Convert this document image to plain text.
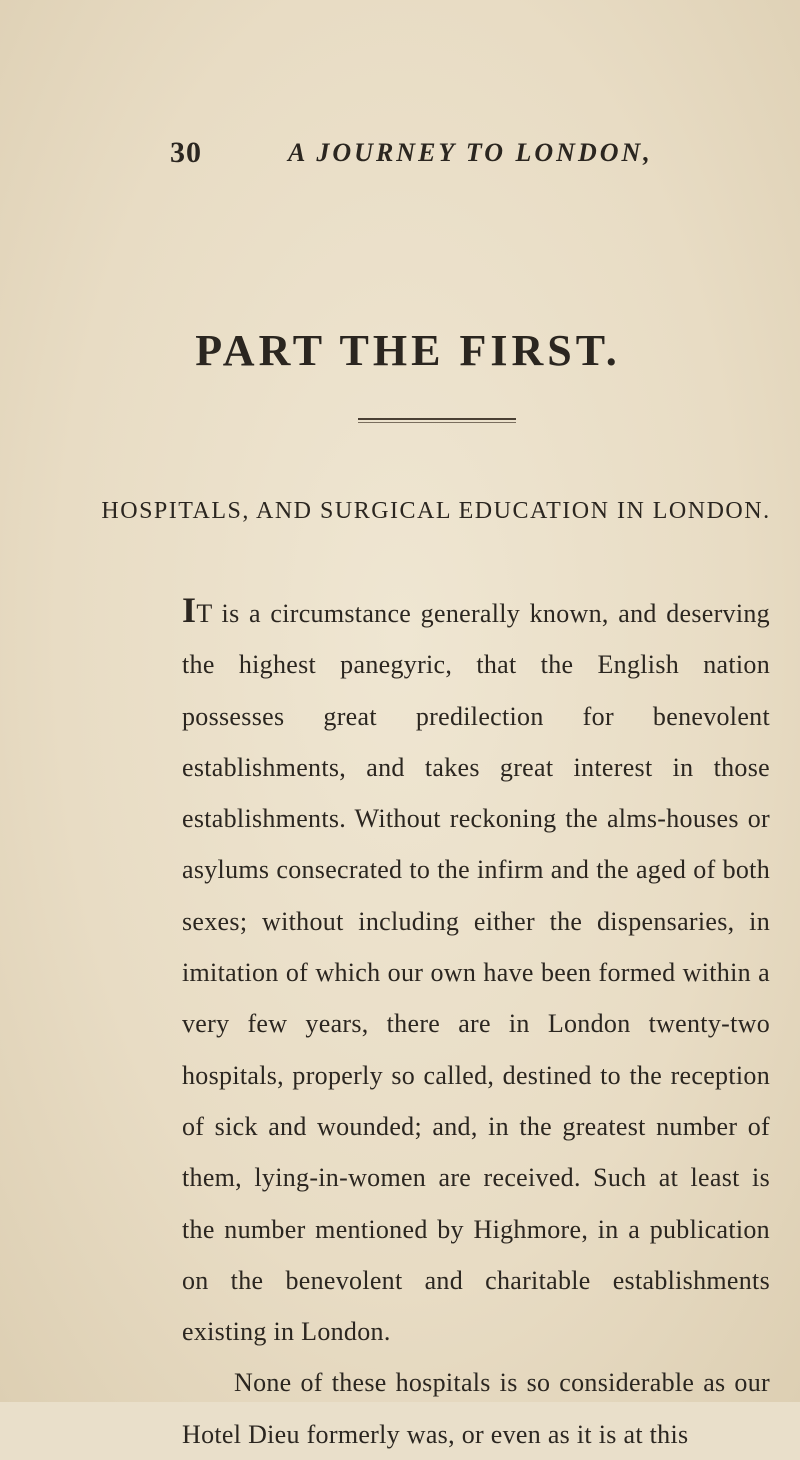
30	A JOURNEY TO LONDON,
PART THE FIRST.
HOSPITALS, AND SURGICAL EDUCATION IN LONDON.

IT is a circumstance generally known, and deserving the highest panegyric, that the English nation possesses great predilection for benevolent establishments, and takes great interest in those establishments. Without reckoning the alms-houses or asylums consecrated to the infirm and the aged of both sexes; without including either the dispensaries, in imitation of which our own have been formed within a very few years, there are in London twenty-two hospitals, properly so called, destined to the reception of sick and wounded; and, in the greatest number of them, lying-in-women are received. Such at least is the number mentioned by Highmore, in a publication on the benevolent and charitable establishments existing in London.

None of these hospitals is so considerable as our Hotel Dieu formerly was, or even as it is at this
